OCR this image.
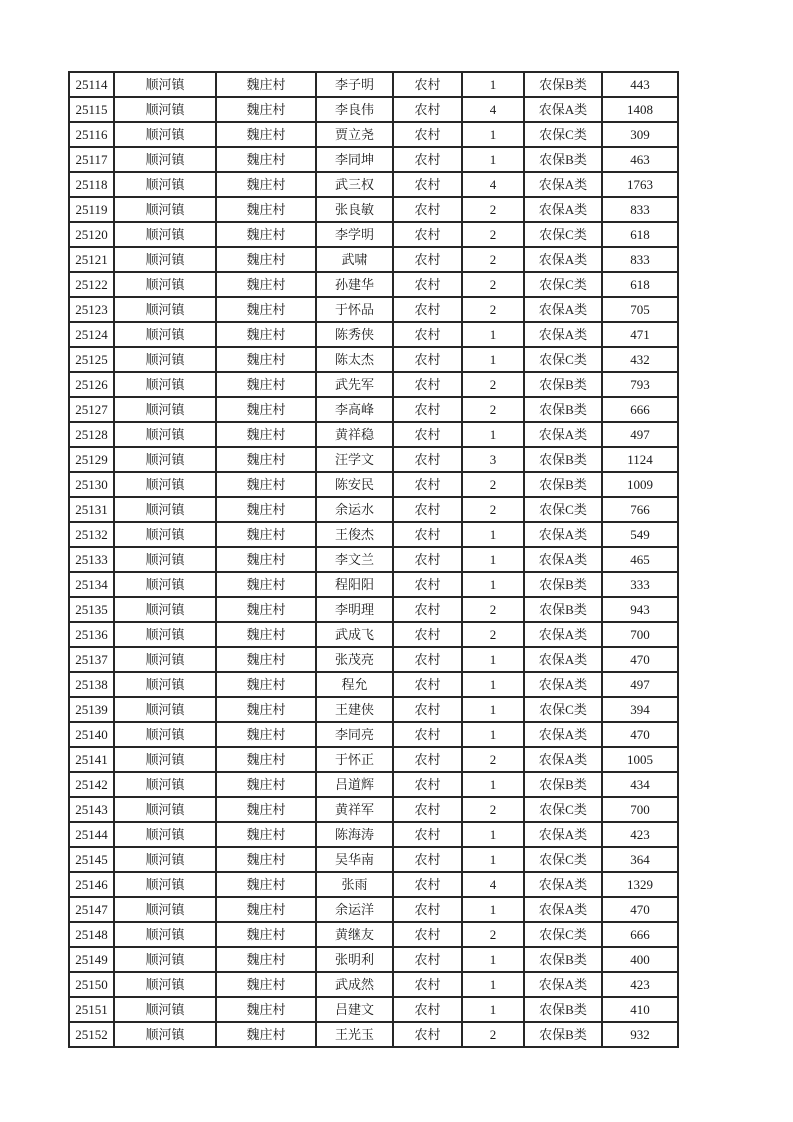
25114	顺河镇	魏庄村	李子明	农村	1	农保B类	443
25115	顺河镇	魏庄村	李良伟	农村	4	农保A类	1408
25116	顺河镇	魏庄村	贾立尧	农村	1	农保C类	309
25117	顺河镇	魏庄村	李同坤	农村	1	农保B类	463
25118	顺河镇	魏庄村	武三权	农村	4	农保A类	1763
25119	顺河镇	魏庄村	张良敏	农村	2	农保A类	833
25120	顺河镇	魏庄村	李学明	农村	2	农保C类	618
25121	顺河镇	魏庄村	武啸	农村	2	农保A类	833
25122	顺河镇	魏庄村	孙建华	农村	2	农保C类	618
25123	顺河镇	魏庄村	于怀品	农村	2	农保A类	705
25124	顺河镇	魏庄村	陈秀侠	农村	1	农保A类	471
25125	顺河镇	魏庄村	陈太杰	农村	1	农保C类	432
25126	顺河镇	魏庄村	武先军	农村	2	农保B类	793
25127	顺河镇	魏庄村	李高峰	农村	2	农保B类	666
25128	顺河镇	魏庄村	黄祥稳	农村	1	农保A类	497
25129	顺河镇	魏庄村	汪学文	农村	3	农保B类	1124
25130	顺河镇	魏庄村	陈安民	农村	2	农保B类	1009
25131	顺河镇	魏庄村	余运水	农村	2	农保C类	766
25132	顺河镇	魏庄村	王俊杰	农村	1	农保A类	549
25133	顺河镇	魏庄村	李文兰	农村	1	农保A类	465
25134	顺河镇	魏庄村	程阳阳	农村	1	农保B类	333
25135	顺河镇	魏庄村	李明理	农村	2	农保B类	943
25136	顺河镇	魏庄村	武成飞	农村	2	农保A类	700
25137	顺河镇	魏庄村	张茂亮	农村	1	农保A类	470
25138	顺河镇	魏庄村	程允	农村	1	农保A类	497
25139	顺河镇	魏庄村	王建侠	农村	1	农保C类	394
25140	顺河镇	魏庄村	李同亮	农村	1	农保A类	470
25141	顺河镇	魏庄村	于怀正	农村	2	农保A类	1005
25142	顺河镇	魏庄村	吕道辉	农村	1	农保B类	434
25143	顺河镇	魏庄村	黄祥军	农村	2	农保C类	700
25144	顺河镇	魏庄村	陈海涛	农村	1	农保A类	423
25145	顺河镇	魏庄村	吴华南	农村	1	农保C类	364
25146	顺河镇	魏庄村	张雨	农村	4	农保A类	1329
25147	顺河镇	魏庄村	余运洋	农村	1	农保A类	470
25148	顺河镇	魏庄村	黄继友	农村	2	农保C类	666
25149	顺河镇	魏庄村	张明利	农村	1	农保B类	400
25150	顺河镇	魏庄村	武成然	农村	1	农保A类	423
25151	顺河镇	魏庄村	吕建文	农村	1	农保B类	410
25152	顺河镇	魏庄村	王光玉	农村	2	农保B类	932
